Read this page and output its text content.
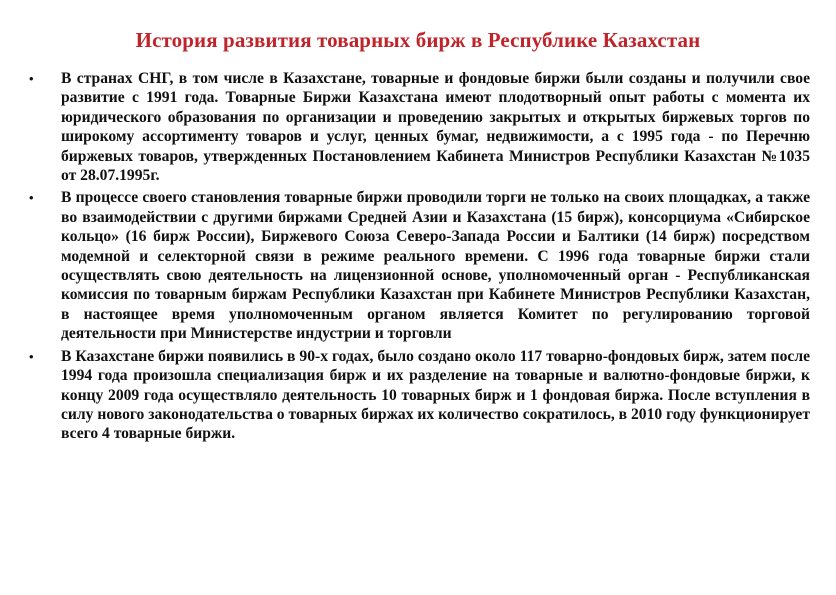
История развития товарных бирж в Республике Казахстан
• В странах СНГ, в том числе в Казахстане, товарные и фондовые биржи были созданы и получили свое развитие с 1991 года. Товарные Биржи Казахстана имеют плодотворный опыт работы с момента их юридического образования по организации и проведению закрытых и открытых биржевых торгов по широкому ассортименту товаров и услуг, ценных бумаг, недвижимости, а с 1995 года - по Перечню биржевых товаров, утвержденных Постановлением Кабинета Министров Республики Казахстан №1035 от 28.07.1995г.
• В процессе своего становления товарные биржи проводили торги не только на своих площадках, а также во взаимодействии с другими биржами Средней Азии и Казахстана (15 бирж), консорциума «Сибирское кольцо» (16 бирж России), Биржевого Союза Северо-Запада России и Балтики (14 бирж) посредством модемной и селекторной связи в режиме реального времени. С 1996 года товарные биржи стали осуществлять свою деятельность на лицензионной основе, уполномоченный орган - Республиканская комиссия по товарным биржам Республики Казахстан при Кабинете Министров Республики Казахстан, в настоящее время уполномоченным органом является Комитет по регулированию торговой деятельности при Министерстве индустрии и торговли
• В Казахстане биржи появились в 90-х годах, было создано около 117 товарно-фондовых бирж, затем после 1994 года произошла специализация бирж и их разделение на товарные и валютно-фондовые биржи, к концу 2009 года осуществляло деятельность 10 товарных бирж и 1 фондовая биржа. После вступления в силу нового законодательства о товарных биржах их количество сократилось, в 2010 году функционирует всего 4 товарные биржи.
